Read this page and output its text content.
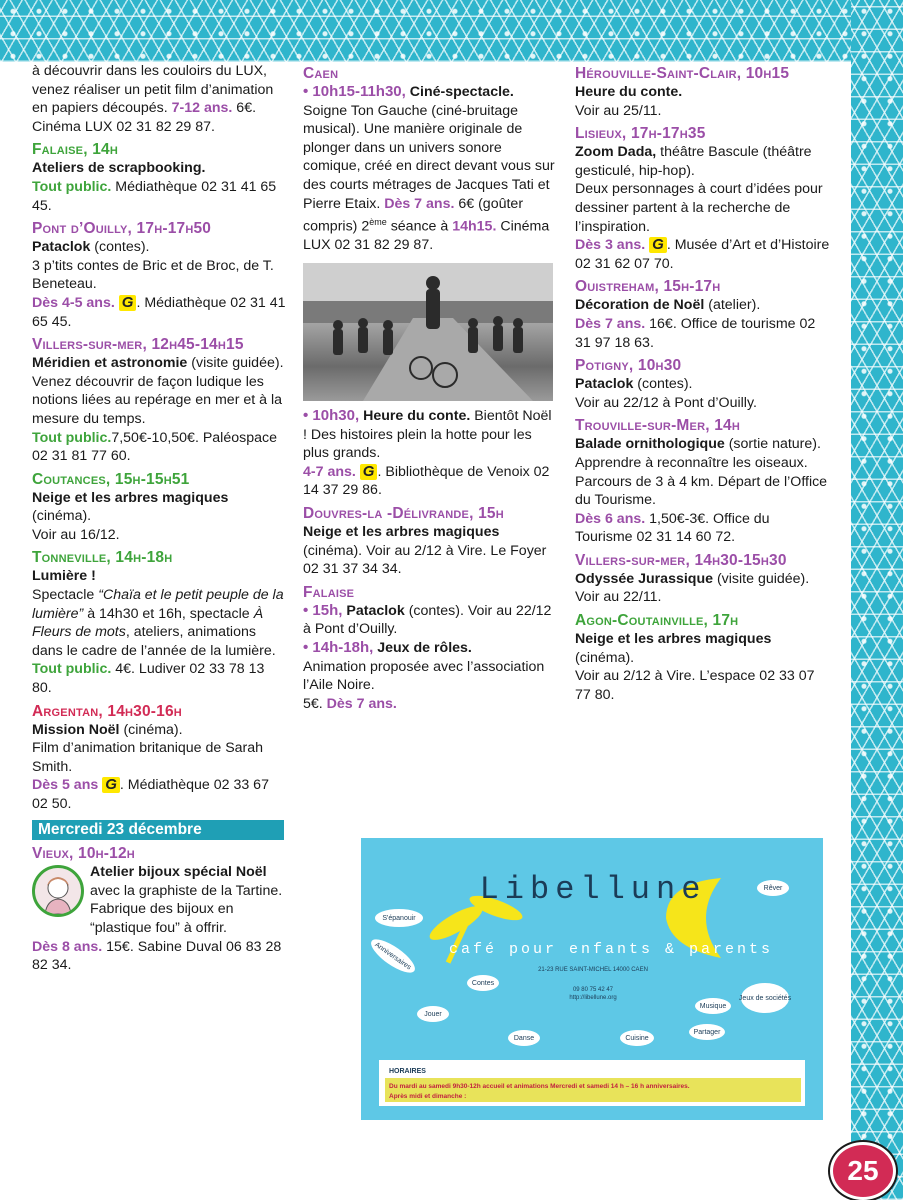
à découvrir dans les couloirs du LUX, venez réaliser un petit film d’animation en papiers découpés. 7-12 ans. 6€. Cinéma LUX 02 31 82 29 87.

Falaise, 14h

Ateliers de scrapbooking.

Tout public. Médiathèque 02 31 41 65 45.

Pont d’Ouilly, 17h-17h50

Pataclok (contes).

3 p’tits contes de Bric et de Broc, de T. Beneteau.

Dès 4-5 ans. G . Médiathèque 02 31 41 65 45.

Villers-sur-mer, 12h45-14h15

Méridien et astronomie (visite guidée).

Venez découvrir de façon ludique les notions liées au repérage en mer et à la mesure du temps.

Tout public.7,50€-10,50€. Paléospace 02 31 81 77 60.

Coutances, 15h-15h51

Neige et les arbres magiques (cinéma).

Voir au 16/12.

Tonneville, 14h-18h

Lumière !

Spectacle “Chaïa et le petit peuple de la lumière” à 14h30 et 16h, spectacle À Fleurs de mots, ateliers, animations dans le cadre de l’année de la lumière.

Tout public. 4€. Ludiver 02 33 78 13 80.

Argentan, 14h30-16h

Mission Noël (cinéma).

Film d’animation britanique de Sarah Smith.

Dès 5 ans G . Médiathèque 02 33 67 02 50.

Mercredi 23 décembre
Vieux, 10h-12h

Atelier bijoux spécial Noël avec la graphiste de la Tartine.

Fabrique des bijoux en “plastique fou” à offrir.

Dès 8 ans. 15€. Sabine Duval 06 83 28 82 34.

Caen

• 10h15-11h30, Ciné-spectacle.

Soigne Ton Gauche (ciné-bruitage musical). Une manière originale de plonger dans un univers sonore comique, créé en direct devant vous sur des courts métrages de Jacques Tati et Pierre Etaix. Dès 7 ans. 6€ (goûter compris) 2ème séance à 14h15. Cinéma LUX 02 31 82 29 87.

• 10h30, Heure du conte. Bientôt Noël ! Des histoires plein la hotte pour les plus grands.

4-7 ans. G . Bibliothèque de Venoix 02 14 37 29 86.

Douvres-la -Délivrande, 15h

Neige et les arbres magiques (cinéma). Voir au 2/12 à Vire. Le Foyer 02 31 37 34 34.

Falaise

• 15h, Pataclok (contes). Voir au 22/12 à Pont d’Ouilly.

• 14h-18h, Jeux de rôles.

Animation proposée avec l’association l’Aile Noire.

5€. Dès 7 ans.

Hérouville-Saint-Clair, 10h15

Heure du conte.

Voir au 25/11.

Lisieux, 17h-17h35

Zoom Dada, théâtre Bascule (théâtre gesticulé, hip-hop).

Deux personnages à court d’idées pour dessiner partent à la recherche de l’inspiration.

Dès 3 ans. G . Musée d’Art et d’Histoire 02 31 62 07 70.

Ouistreham, 15h-17h

Décoration de Noël (atelier).

Dès 7 ans. 16€. Office de tourisme 02 31 97 18 63.

Potigny, 10h30

Pataclok (contes).

Voir au 22/12 à Pont d’Ouilly.

Trouville-sur-Mer, 14h

Balade ornithologique (sortie nature).

Apprendre à reconnaître les oiseaux. Parcours de 3 à 4 km. Départ de l’Office du Tourisme.

Dès 6 ans. 1,50€-3€. Office du Tourisme 02 31 14 60 72.

Villers-sur-mer, 14h30-15h30

Odyssée Jurassique (visite guidée).

Voir au 22/11.

Agon-Coutainville, 17h

Neige et les arbres magiques (cinéma).

Voir au 2/12 à Vire. L’espace 02 33 07 77 80.

Libellune
café pour enfants & parents
21-23 RUE SAINT-MICHEL 14000 CAEN
09 80 75 42 47
http://libellune.org
S'épanouir
Anniversaires
Contes
Jouer
Danse	Cuisine
Musique
Jeux de sociétés
Partager
Rêver
HORAIRES
Du mardi au samedi 9h30-12h accueil et animations Mercredi et samedi 14 h – 16 h anniversaires.
Après midi et dimanche :
25
